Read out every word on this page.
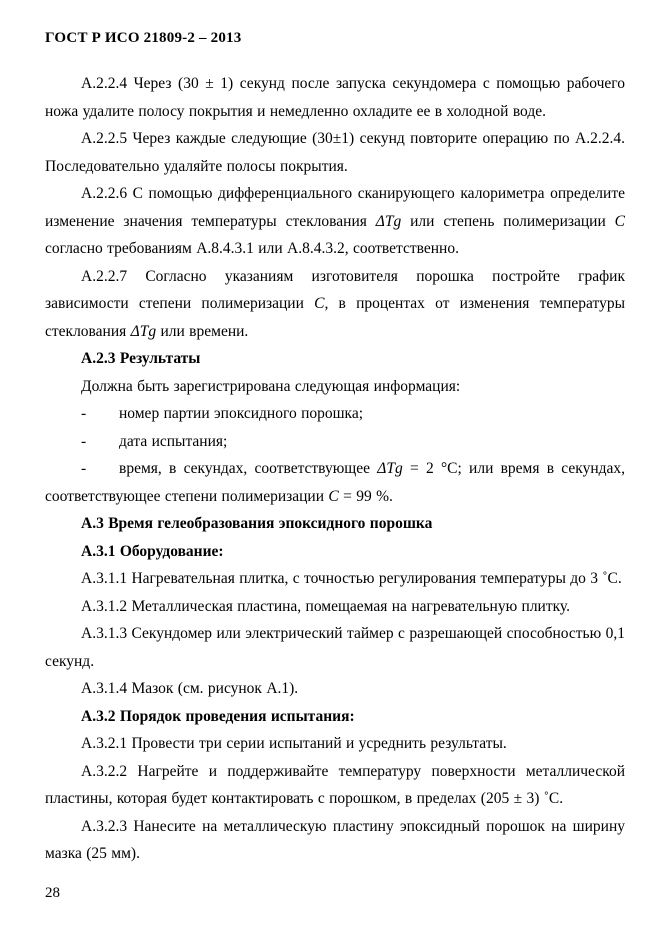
ГОСТ Р ИСО 21809-2 – 2013

А.2.2.4 Через (30 ± 1) секунд после запуска секундомера с помощью рабочего ножа удалите полосу покрытия и немедленно охладите ее в холодной воде.

А.2.2.5 Через каждые следующие (30±1) секунд повторите операцию по А.2.2.4. Последовательно удаляйте полосы покрытия.

А.2.2.6 С помощью дифференциального сканирующего калориметра определите изменение значения температуры стеклования ΔTg или степень полимеризации С согласно требованиям А.8.4.3.1 или А.8.4.3.2, соответственно.

А.2.2.7 Согласно указаниям изготовителя порошка постройте график зависимости степени полимеризации С, в процентах от изменения температуры стеклования ΔTg или времени.

А.2.3 Результаты

Должна быть зарегистрирована следующая информация:

- номер партии эпоксидного порошка;

- дата испытания;

- время, в секундах, соответствующее ΔTg = 2 °С; или время в секундах, соответствующее степени полимеризации С = 99 %.

А.3 Время гелеобразования эпоксидного порошка

А.3.1 Оборудование:

А.3.1.1 Нагревательная плитка, с точностью регулирования температуры до 3 ˚С.

А.3.1.2 Металлическая пластина, помещаемая на нагревательную плитку.

А.3.1.3 Секундомер или электрический таймер с разрешающей способностью 0,1 секунд.

А.3.1.4 Мазок (см. рисунок А.1).

А.3.2 Порядок проведения испытания:

А.3.2.1 Провести три серии испытаний и усреднить результаты.

А.3.2.2 Нагрейте и поддерживайте температуру поверхности металлической пластины, которая будет контактировать с порошком, в пределах (205 ± 3) ˚С.

А.3.2.3 Нанесите на металлическую пластину эпоксидный порошок на ширину мазка (25 мм).

28
